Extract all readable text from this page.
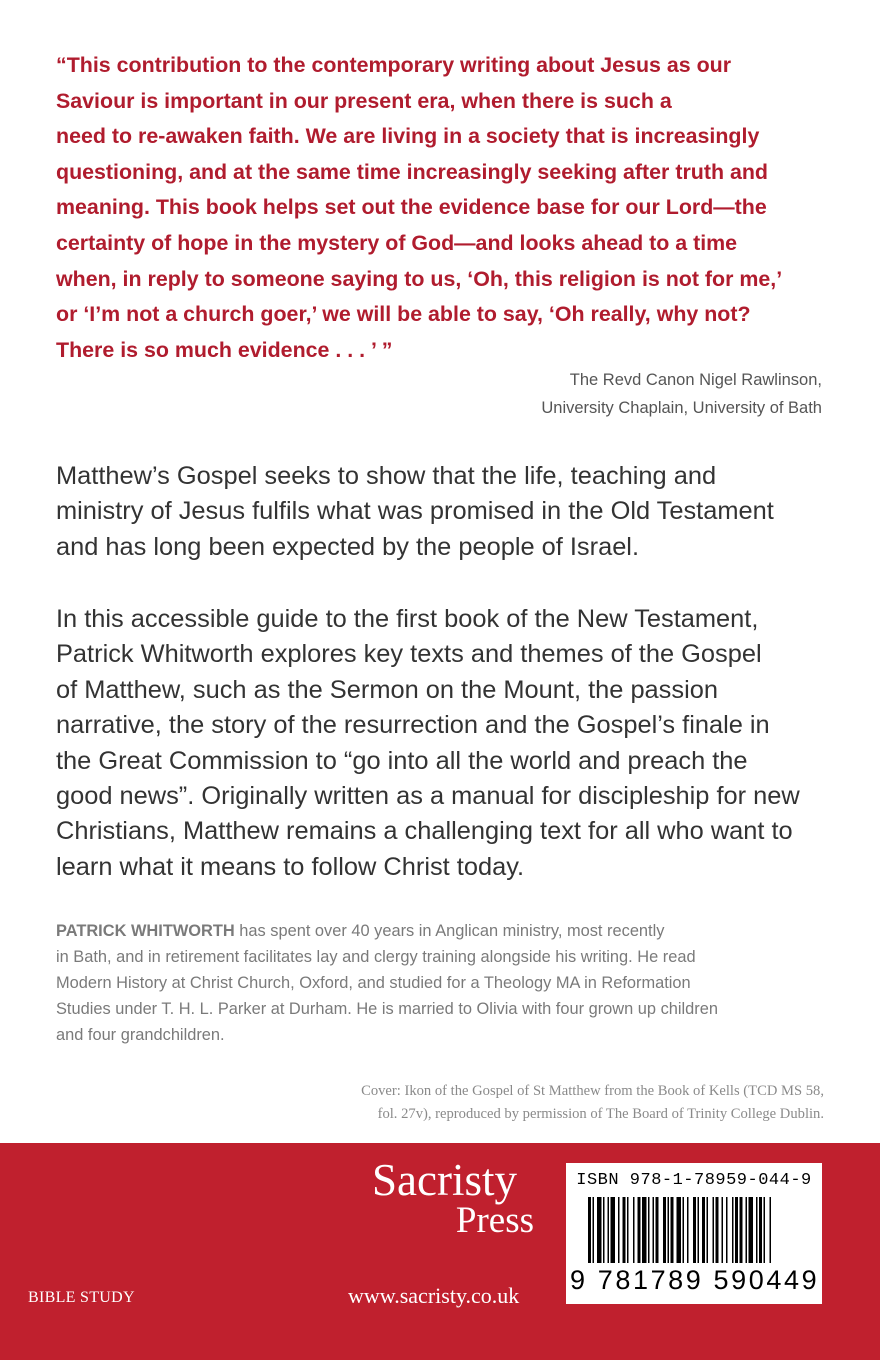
“This contribution to the contemporary writing about Jesus as our
Saviour is important in our present era, when there is such a
need to re-awaken faith. We are living in a society that is increasingly
questioning, and at the same time increasingly seeking after truth and
meaning. This book helps set out the evidence base for our Lord—the
certainty of hope in the mystery of God—and looks ahead to a time
when, in reply to someone saying to us, ‘Oh, this religion is not for me,’
or ‘I’m not a church goer,’ we will be able to say, ‘Oh really, why not?
There is so much evidence . . . ’ ”
The Revd Canon Nigel Rawlinson,
University Chaplain, University of Bath
Matthew’s Gospel seeks to show that the life, teaching and
ministry of Jesus fulfils what was promised in the Old Testament
and has long been expected by the people of Israel.
In this accessible guide to the first book of the New Testament,
Patrick Whitworth explores key texts and themes of the Gospel
of Matthew, such as the Sermon on the Mount, the passion
narrative, the story of the resurrection and the Gospel’s finale in
the Great Commission to “go into all the world and preach the
good news”. Originally written as a manual for discipleship for new
Christians, Matthew remains a challenging text for all who want to
learn what it means to follow Christ today.
PATRICK WHITWORTH has spent over 40 years in Anglican ministry, most recently
in Bath, and in retirement facilitates lay and clergy training alongside his writing. He read
Modern History at Christ Church, Oxford, and studied for a Theology MA in Reformation
Studies under T. H. L. Parker at Durham. He is married to Olivia with four grown up children
and four grandchildren.
Cover: Ikon of the Gospel of St Matthew from the Book of Kells (TCD MS 58,
fol. 27v), reproduced by permission of The Board of Trinity College Dublin.
Sacristy
Press
BIBLE STUDY	www.sacristy.co.uk
ISBN 978-1-78959-044-9
9 781789 590449
